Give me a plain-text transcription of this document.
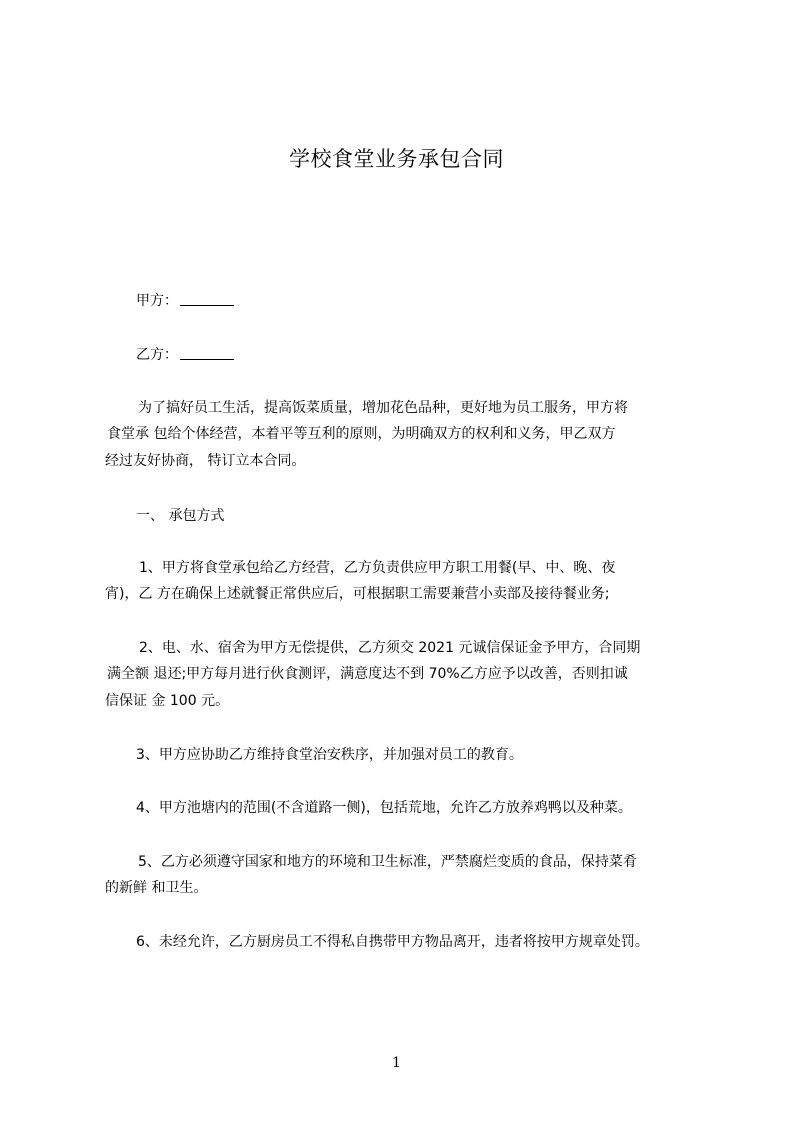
学校食堂业务承包合同
甲方：
乙方：
为了搞好员工生活，提高饭菜质量，增加花色品种，更好地为员工服务，甲方将
食堂承 包给个体经营，本着平等互利的原则，为明确双方的权利和义务，甲乙双方
经过友好协商， 特订立本合同。
一、 承包方式
1、甲方将食堂承包给乙方经营，乙方负责供应甲方职工用餐(早、中、晚、夜
宵)，乙 方在确保上述就餐正常供应后，可根据职工需要兼营小卖部及接待餐业务;
2、电、水、宿舍为甲方无偿提供，乙方须交 2021 元诚信保证金予甲方，合同期
满全额 退还;甲方每月进行伙食测评，满意度达不到 70%乙方应予以改善，否则扣诚
信保证 金 100 元。
3、甲方应协助乙方维持食堂治安秩序，并加强对员工的教育。
4、甲方池塘内的范围(不含道路一侧)，包括荒地，允许乙方放养鸡鸭以及种菜。
5、乙方必须遵守国家和地方的环境和卫生标准，严禁腐烂变质的食品，保持菜肴
的新鲜 和卫生。
6、未经允许，乙方厨房员工不得私自携带甲方物品离开，违者将按甲方规章处罚。
1
